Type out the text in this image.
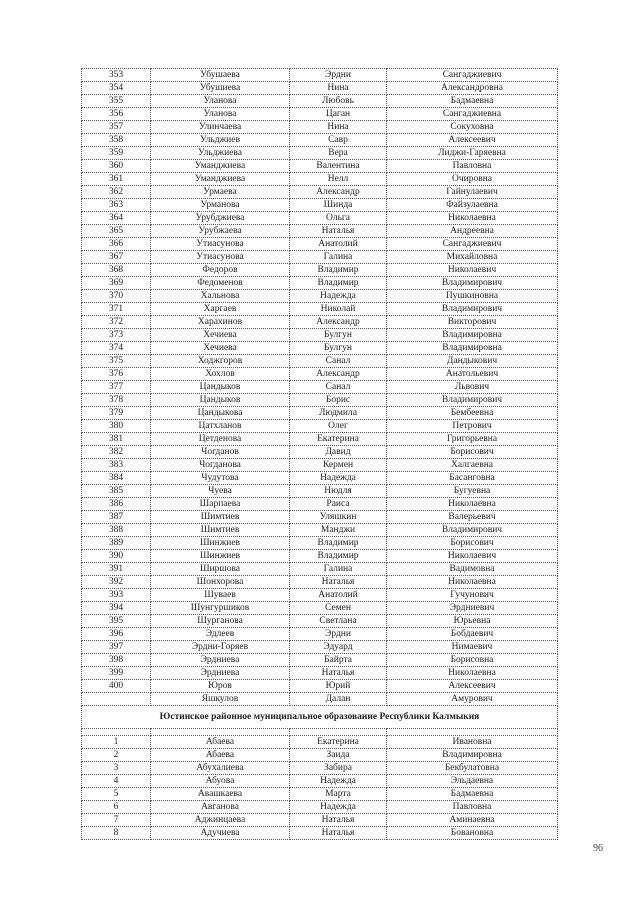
353	Убушаева	Эрдни	Сангаджиевич
354	Убушиева	Нина	Александровна
355	Уланова	Любовь	Бадмаевна
356	Уланова	Цаган	Сангаджиевна
357	Улинчаева	Нина	Сокуховна
358	Ульджиев	Савр	Алексеевич
359	Ульджиева	Вера	Лиджи-Гаряевна
360	Уманджиева	Валентина	Павловна
361	Уманджиева	Нелл	Очировна
362	Урмаева	Александр	Гайнулаевич
363	Урманова	Шинда	Файзулаевна
364	Урубджиева	Ольга	Николаевна
365	Урубжаева	Наталья	Андреевна
366	Утиасунова	Анатолий	Сангаджиевич
367	Утиасунова	Галина	Михайловна
368	Федоров	Владимир	Николаевич
369	Федоменов	Владимир	Владимирович
370	Хальнова	Надежда	Пушкиновна
371	Харгаев	Николай	Владимирович
372	Харахинов	Александр	Викторович
373	Хечиева	Булгун	Владимировна
374	Хечиева	Булгун	Владимировна
375	Ходжгоров	Санал	Дандыкович
376	Хохлов	Александр	Анатольевич
377	Цандыков	Санал	Львович
378	Цандыков	Борис	Владимирович
379	Цандыкова	Людмила	Бембеевна
380	Цатхланов	Олег	Петрович
381	Цетденова	Екатерина	Григорьевна
382	Чогданов	Давид	Борисович
383	Чогданова	Кермен	Халгаевна
384	Чудутова	Надежда	Басанговна
385	Чуева	Нюдля	Бугуевна
386	Шарпаева	Раиса	Николаевна
387	Шимтиев	Уляшкин	Валерьевич
388	Шимтиев	Манджи	Владимирович
389	Шинжиев	Владимир	Борисович
390	Шинжиев	Владимир	Николаевич
391	Ширшова	Галина	Вадимовна
392	Шонхорова	Наталья	Николаевна
393	Шуваев	Анатолий	Гучунович
394	Шунгуршиков	Семен	Эрдниевич
395	Шурганова	Светлана	Юрьевна
396	Эдлеев	Эрдни	Бобдаевич
397	Эрдни-Горяев	Эдуард	Нимаевич
398	Эрдниева	Байрта	Борисовна
399	Эрдниева	Наталья	Николаевна
400	Юров	Юрий	Алексеевич
	Яшкулов	Далан	Амурович
Юстинское районное муниципальное образование Республики Калмыкия			

1	Абаева	Екатерина	Ивановна
2	Абаева	Заида	Владимировна
3	Абухалиева	Забира	Бекбулатовна
4	Абуова	Надежда	Эльдаевна
5	Авашкаева	Марта	Бадмаевна
6	Авганова	Надежда	Павловна
7	Аджинцаева	Наталья	Аминаевна
8	Адучиева	Наталья	Бовановна
96
